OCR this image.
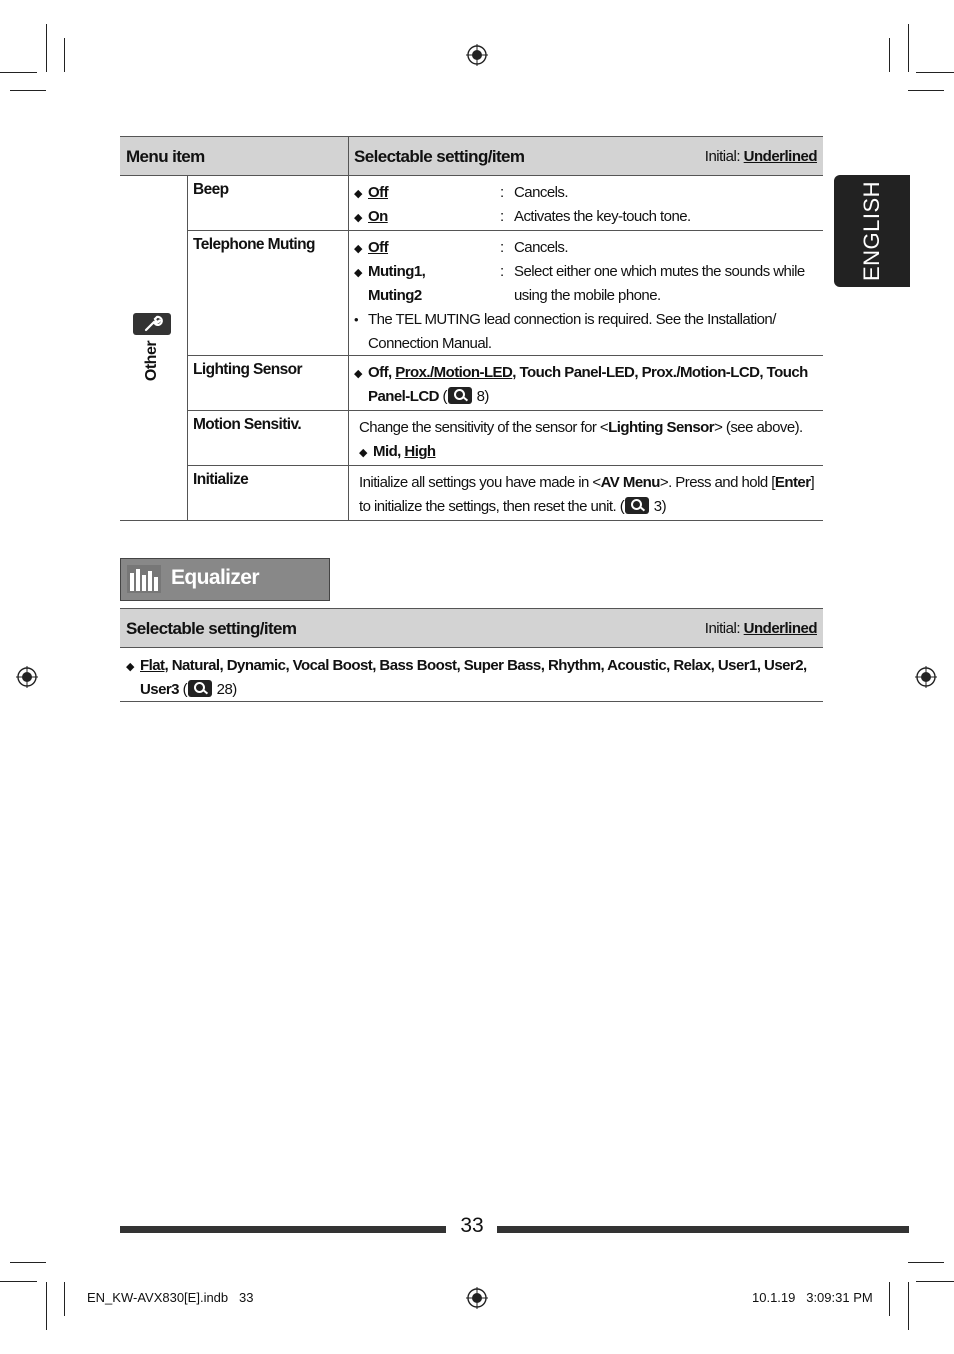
ENGLISH
Menu item	Selectable setting/item	Initial: Underlined
Other
Beep	◆ Off	: Cancels.
◆ On	: Activates the key-touch tone.
Telephone Muting	◆ Off	: Cancels.
◆ Muting1,	: Select either one which mutes the sounds while
Muting2	using the mobile phone.
• The TEL MUTING lead connection is required. See the Installation/
Connection Manual.
Lighting Sensor	◆ Off, Prox./Motion-LED, Touch Panel-LED, Prox./Motion-LCD, Touch
Panel-LCD ( 8)
Motion Sensitiv.	Change the sensitivity of the sensor for <Lighting Sensor> (see above).
◆ Mid, High
Initialize	Initialize all settings you have made in <AV Menu>. Press and hold [Enter]
to initialize the settings, then reset the unit. ( 3)
Equalizer
Selectable setting/item	Initial: Underlined
◆ Flat, Natural, Dynamic, Vocal Boost, Bass Boost, Super Bass, Rhythm, Acoustic, Relax, User1, User2,
User3 ( 28)
33
EN_KW-AVX830[E].indb   33	10.1.19   3:09:31 PM
